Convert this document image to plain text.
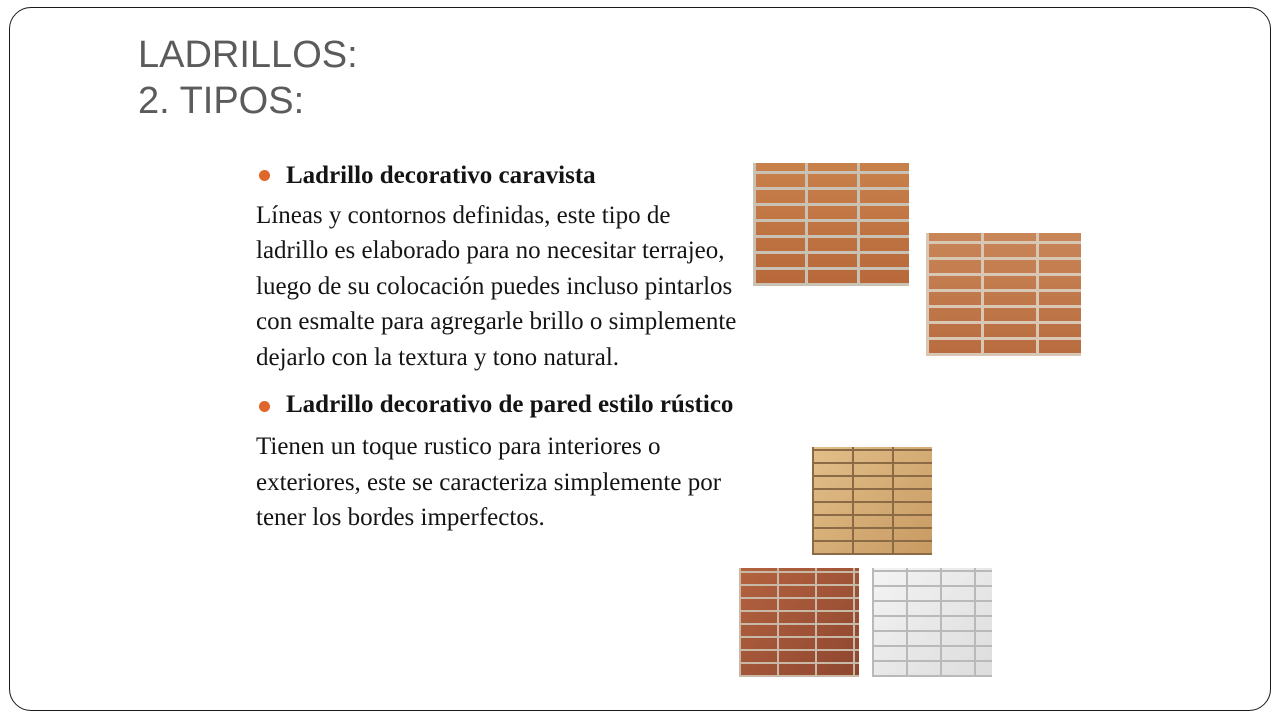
LADRILLOS:
2. TIPOS:

Ladrillo decorativo caravista

Líneas y contornos definidas, este tipo de ladrillo es elaborado para no necesitar terrajeo, luego de su colocación puedes incluso pintarlos con esmalte para agregarle brillo o simplemente dejarlo con la textura y tono natural.

Ladrillo decorativo de pared estilo rústico

Tienen un toque rustico para interiores o exteriores, este se caracteriza simplemente por tener los bordes imperfectos.
